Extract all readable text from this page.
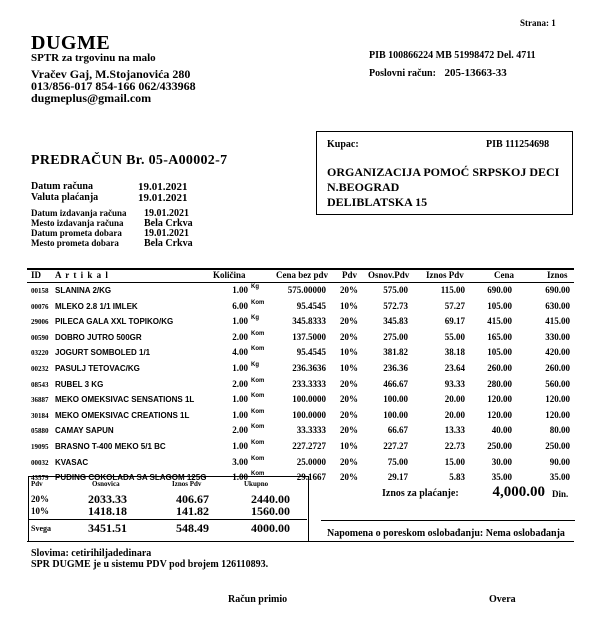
Strana: 1
DUGME
SPTR za trgovinu na malo	PIB 100866224 MB 51998472 Del. 4711
Vračev Gaj, M.Stojanovića 280	Poslovni račun: 205-13663-33
013/856-017 854-166 062/433968
dugmeplus@gmail.com
Kupac:	PIB 111254698
ORGANIZACIJA POMOĆ SRPSKOJ DECI
N.BEOGRAD
DELIBLATSKA 15
PREDRAČUN Br. 05-A00002-7
Datum računa	19.01.2021
Valuta plaćanja	19.01.2021
Datum izdavanja računa 19.01.2021
Mesto izdavanja računa Bela Crkva
Datum prometa dobara 19.01.2021
Mesto prometa dobara	Bela Crkva
ID A r t i k a l	Količina	Cena bez pdv Pdv Osnov.Pdv Iznos Pdv	Cena	Iznos
00158 SLANINA 2/KG	1.00 Kg	575.00000 20%	575.00	115.00	690.00	690.00
00076 MLEKO 2.8 1/1 IMLEK	6.00 Kom	95.4545 10%	572.73	57.27	105.00	630.00
29006 PILECA GALA XXL TOPIKO/KG	1.00 Kg	345.8333 20%	345.83	69.17	415.00	415.00
00590 DOBRO JUTRO 500GR	2.00 Kom	137.5000 20%	275.00	55.00	165.00	330.00
03220 JOGURT SOMBOLED 1/1	4.00 Kom	95.4545 10%	381.82	38.18	105.00	420.00
00232 PASULJ TETOVAC/KG	1.00 Kg	236.3636 10%	236.36	23.64	260.00	260.00
08543 RUBEL 3 KG	2.00 Kom	233.3333 20%	466.67	93.33	280.00	560.00
36887 MEKO OMEKSIVAC SENSATIONS 1L	1.00 Kom	100.0000 20%	100.00	20.00	120.00	120.00
30184 MEKO OMEKSIVAC CREATIONS 1L	1.00 Kom	100.0000 20%	100.00	20.00	120.00	120.00
05880 CAMAY SAPUN	2.00 Kom	33.3333 20%	66.67	13.33	40.00	80.00
19095 BRASNO T-400 MEKO 5/1 BC	1.00 Kom	227.2727 10%	227.27	22.73	250.00	250.00
00032 KVASAC	3.00 Kom	25.0000 20%	75.00	15.00	30.00	90.00
43579 PUDING COKOLADA SA SLAGOM 125G	1.00 Kom	29.1667 20%	29.17	5.83	35.00	35.00
Pdv	Osnovica	Iznos Pdv	Ukupno
20%	2033.33	406.67	2440.00
10%	1418.18	141.82	1560.00
Svega	3451.51	548.49	4000.00
Iznos za plaćanje:	4,000.00 Din.
Napomena o poreskom oslobađanju: Nema oslobađanja
Slovima: cetirihiljadedinara
SPR DUGME je u sistemu PDV pod brojem 126110893.
Račun primio	Overa
